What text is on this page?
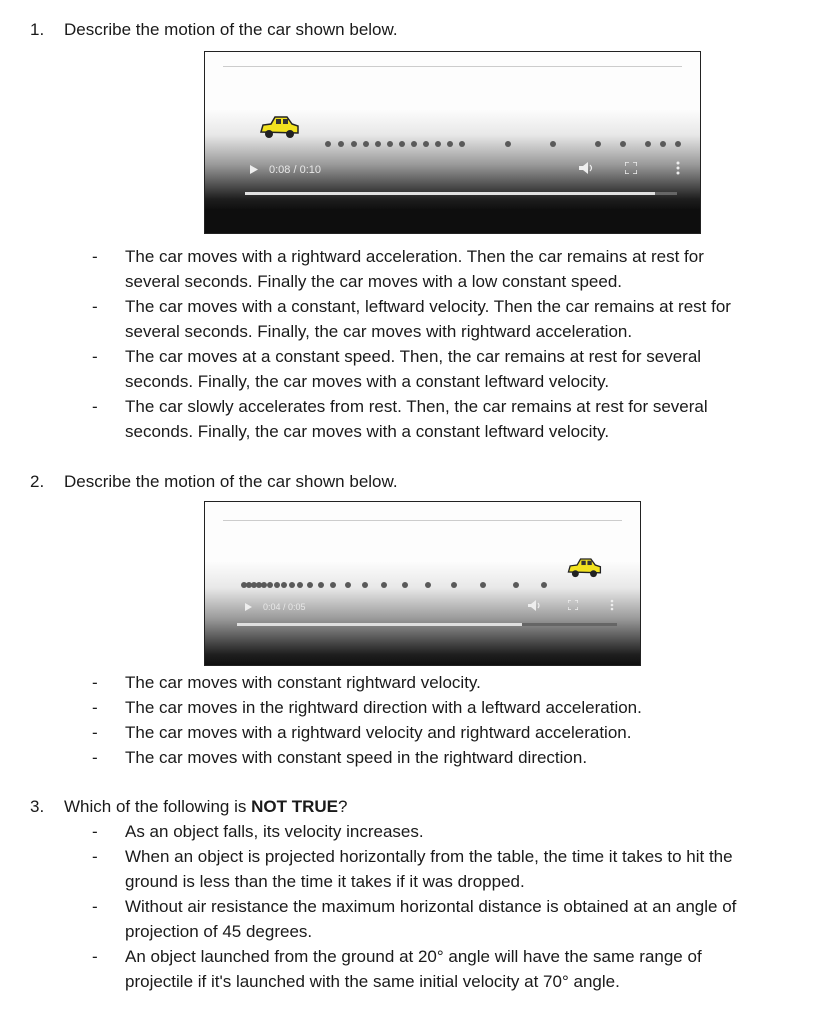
1. Describe the motion of the car shown below.
0:08 / 0:10
- The car moves with a rightward acceleration. Then the car remains at rest for
several seconds. Finally the car moves with a low constant speed.
- The car moves with a constant, leftward velocity. Then the car remains at rest for
several seconds. Finally, the car moves with rightward acceleration.
- The car moves at a constant speed. Then, the car remains at rest for several
seconds. Finally, the car moves with a constant leftward velocity.
- The car slowly accelerates from rest. Then, the car remains at rest for several
seconds. Finally, the car moves with a constant leftward velocity.
2. Describe the motion of the car shown below.
0:04 / 0:05
- The car moves with constant rightward velocity.
- The car moves in the rightward direction with a leftward acceleration.
- The car moves with a rightward velocity and rightward acceleration.
- The car moves with constant speed in the rightward direction.
3. Which of the following is NOT TRUE?
- As an object falls, its velocity increases.
- When an object is projected horizontally from the table, the time it takes to hit the
ground is less than the time it takes if it was dropped.
- Without air resistance the maximum horizontal distance is obtained at an angle of
projection of 45 degrees.
- An object launched from the ground at 20° angle will have the same range of
projectile if it's launched with the same initial velocity at 70° angle.
